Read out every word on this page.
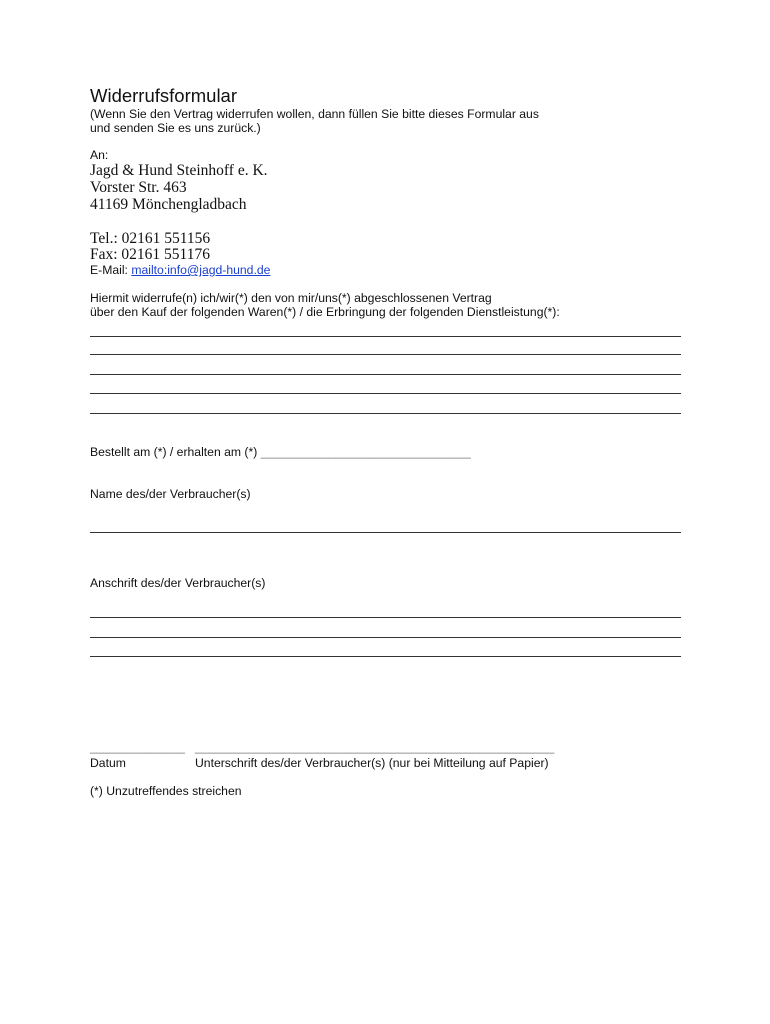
Widerrufsformular
(Wenn Sie den Vertrag widerrufen wollen, dann füllen Sie bitte dieses Formular aus
und senden Sie es uns zurück.)
An:
Jagd & Hund Steinhoff e. K.
Vorster Str. 463
41169 Mönchengladbach
Tel.: 02161 551156
Fax: 02161 551176
E-Mail: mailto:info@jagd-hund.de
Hiermit widerrufe(n) ich/wir(*) den von mir/uns(*) abgeschlossenen Vertrag
über den Kauf der folgenden Waren(*) / die Erbringung der folgenden Dienstleistung(*):
Bestellt am (*) / erhalten am (*) _______________________________
Name des/der Verbraucher(s)
Anschrift des/der Verbraucher(s)
______________ _____________________________________________________
Datum	Unterschrift des/der Verbraucher(s) (nur bei Mitteilung auf Papier)
(*) Unzutreffendes streichen
